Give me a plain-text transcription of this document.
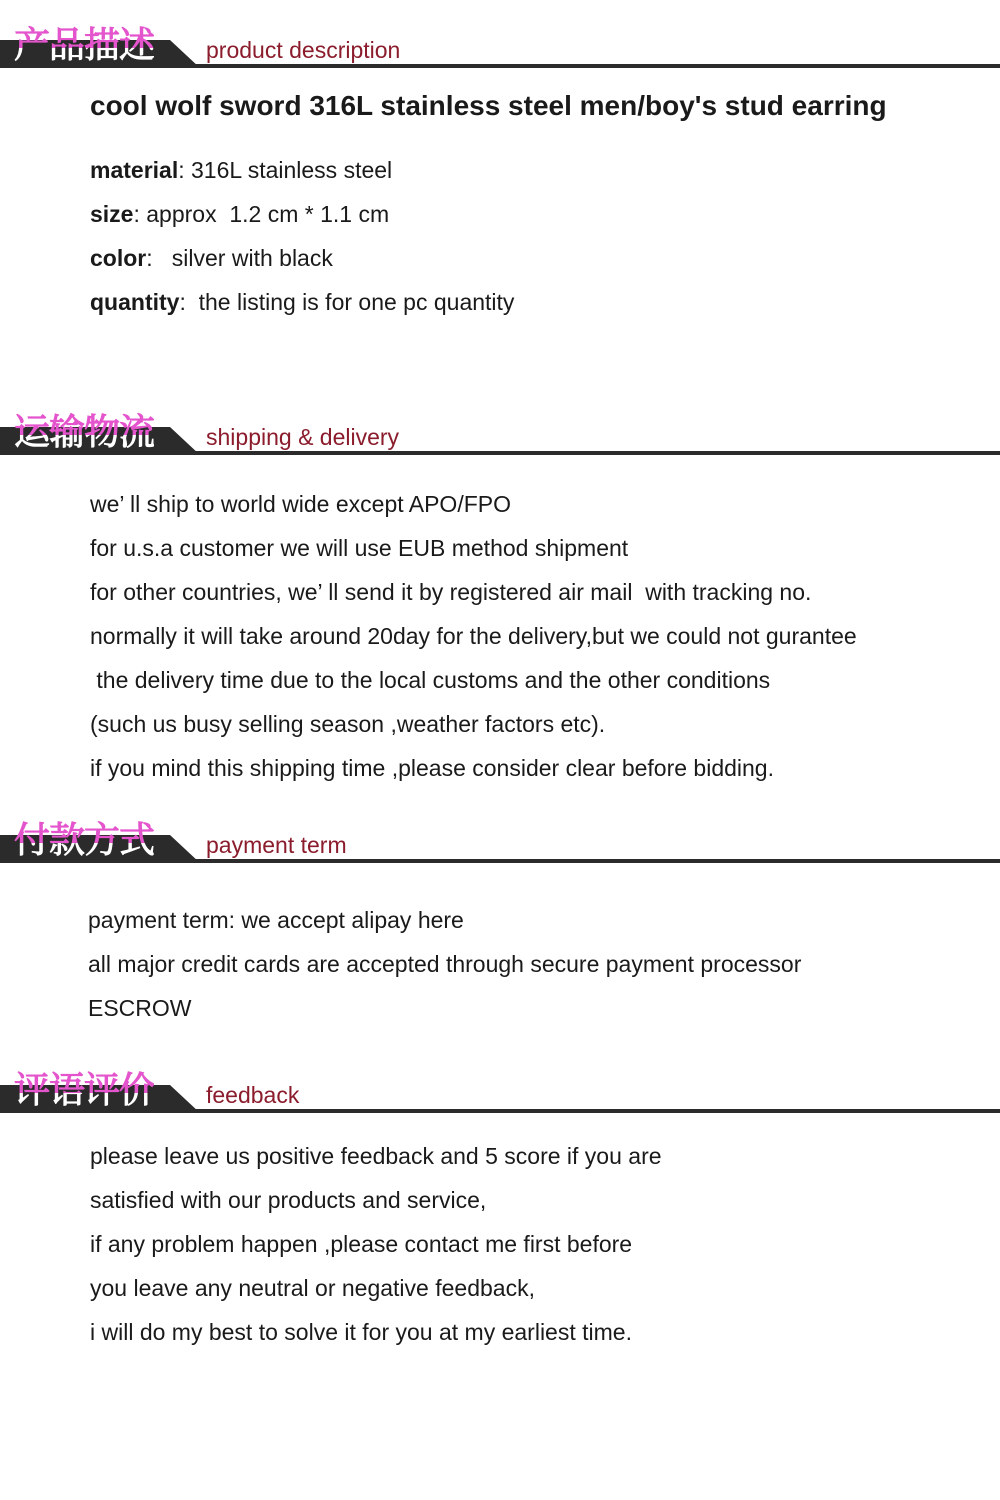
产品描述 product description
cool wolf sword 316L stainless steel men/boy's stud earring
material: 316L stainless steel
size: approx  1.2 cm * 1.1 cm
color:   silver with black
quantity:  the listing is for one pc quantity
运输物流 shipping & delivery
we’ ll ship to world wide except APO/FPO
for u.s.a customer we will use EUB method shipment
for other countries, we’ ll send it by registered air mail  with tracking no.
normally it will take around 20day for the delivery,but we could not gurantee
the delivery time due to the local customs and the other conditions
(such us busy selling season ,weather factors etc).
if you mind this shipping time ,please consider clear before bidding.
付款方式 payment term
payment term: we accept alipay here
all major credit cards are accepted through secure payment processor
ESCROW
评语评价 feedback
please leave us positive feedback and 5 score if you are
satisfied with our products and service,
if any problem happen ,please contact me first before
you leave any neutral or negative feedback,
i will do my best to solve it for you at my earliest time.
